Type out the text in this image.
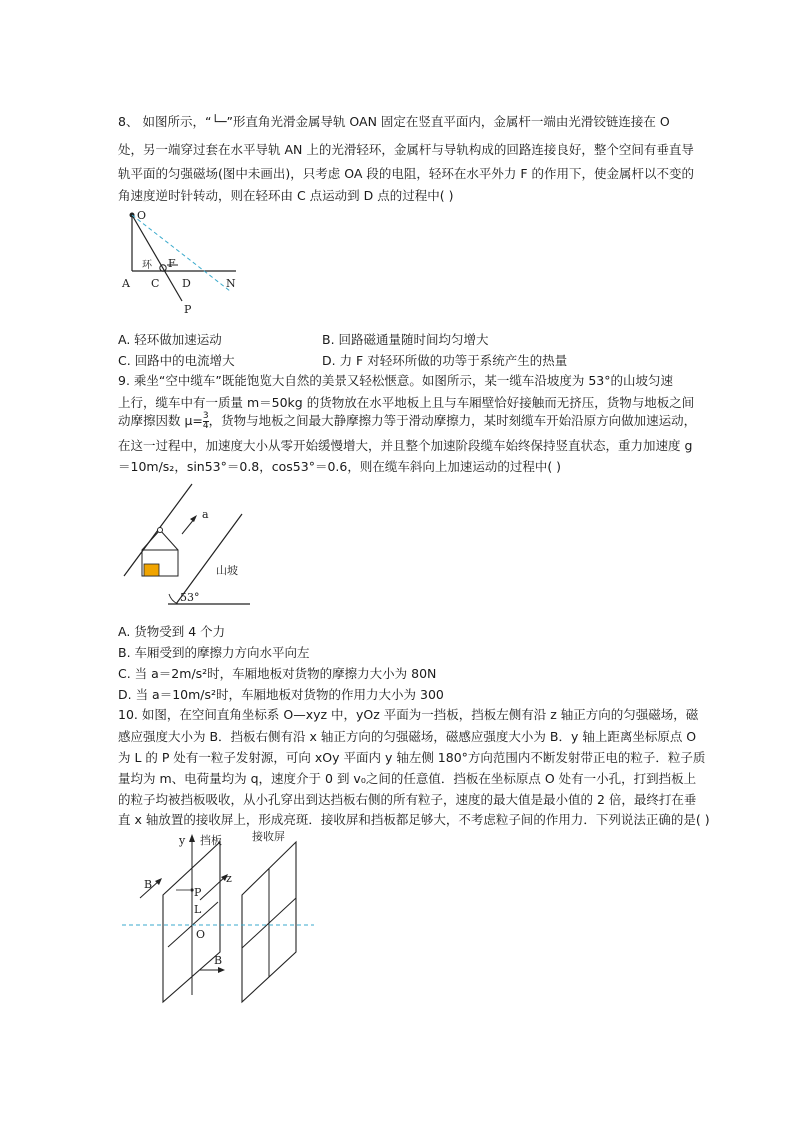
8、 如图所示，“└─”形直角光滑金属导轨 OAN 固定在竖直平面内，金属杆一端由光滑铰链连接在 O
处，另一端穿过套在水平导轨 AN 上的光滑轻环，金属杆与导轨构成的回路连接良好，整个空间有垂直导
轨平面的匀强磁场(图中未画出)，只考虑 OA 段的电阻，轻环在水平外力 F 的作用下，使金属杆以不变的
角速度逆时针转动，则在轻环由 C 点运动到 D 点的过程中( )
O
A C D	N
P
F
环
A. 轻环做加速运动	B. 回路磁通量随时间均匀增大
C. 回路中的电流增大	D. 力 F 对轻环所做的功等于系统产生的热量
9. 乘坐“空中缆车”既能饱览大自然的美景又轻松惬意。如图所示，某一缆车沿坡度为 53°的山坡匀速
上行，缆车中有一质量 m＝50kg 的货物放在水平地板上且与车厢壁恰好接触而无挤压，货物与地板之间
动摩擦因数 $\mu= \frac{3}{4}$ ，货物与地板之间最大静摩擦力等于滑动摩擦力，某时刻缆车开始沿原方向做加速运动，
在这一过程中，加速度大小从零开始缓慢增大，并且整个加速阶段缆车始终保持竖直状态，重力加速度 g
＝10m/s₂，sin53°＝0.8，cos53°＝0.6，则在缆车斜向上加速运动的过程中( )
a
山坡
53°
A. 货物受到 4 个力
B. 车厢受到的摩擦力方向水平向左
C. 当 a＝2m/s²时，车厢地板对货物的摩擦力大小为 80N
D. 当 a＝10m/s²时，车厢地板对货物的作用力大小为 300
10. 如图，在空间直角坐标系 O—xyz 中，yOz 平面为一挡板，挡板左侧有沿 z 轴正方向的匀强磁场，磁
感应强度大小为 B．挡板右侧有沿 x 轴正方向的匀强磁场，磁感应强度大小为 B．y 轴上距离坐标原点 O
为 L 的 P 处有一粒子发射源，可向 xOy 平面内 y 轴左侧 180°方向范围内不断发射带正电的粒子．粒子质
量均为 m、电荷量均为 q，速度介于 0 到 v₀之间的任意值．挡板在坐标原点 O 处有一小孔，打到挡板上
的粒子均被挡板吸收，从小孔穿出到达挡板右侧的所有粒子，速度的最大值是最小值的 2 倍，最终打在垂
直 x 轴放置的接收屏上，形成亮斑．接收屏和挡板都足够大，不考虑粒子间的作用力．下列说法正确的是( )
y 挡板	接收屏
B
B
z
P
L
O
